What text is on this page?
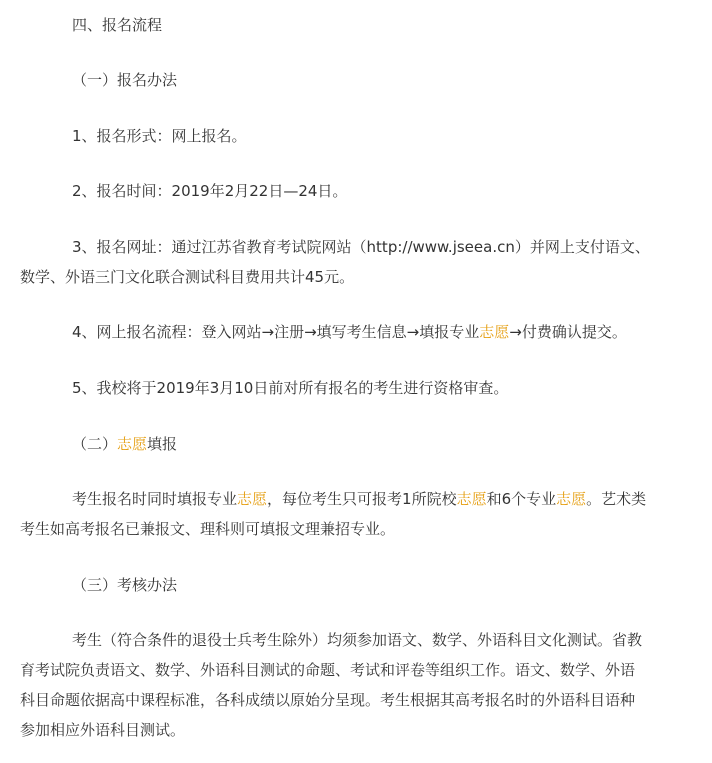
四、报名流程
（一）报名办法
1、报名形式：网上报名。
2、报名时间：2019年2月22日—24日。
3、报名网址：通过江苏省教育考试院网站（http://www.jseea.cn）并网上支付语文、
数学、外语三门文化联合测试科目费用共计45元。
4、网上报名流程：登入网站→注册→填写考生信息→填报专业志愿→付费确认提交。
5、我校将于2019年3月10日前对所有报名的考生进行资格审查。
（二）志愿填报
考生报名时同时填报专业志愿，每位考生只可报考1所院校志愿和6个专业志愿。艺术类
考生如高考报名已兼报文、理科则可填报文理兼招专业。
（三）考核办法
考生（符合条件的退役士兵考生除外）均须参加语文、数学、外语科目文化测试。省教
育考试院负责语文、数学、外语科目测试的命题、考试和评卷等组织工作。语文、数学、外语
科目命题依据高中课程标准，各科成绩以原始分呈现。考生根据其高考报名时的外语科目语种
参加相应外语科目测试。
